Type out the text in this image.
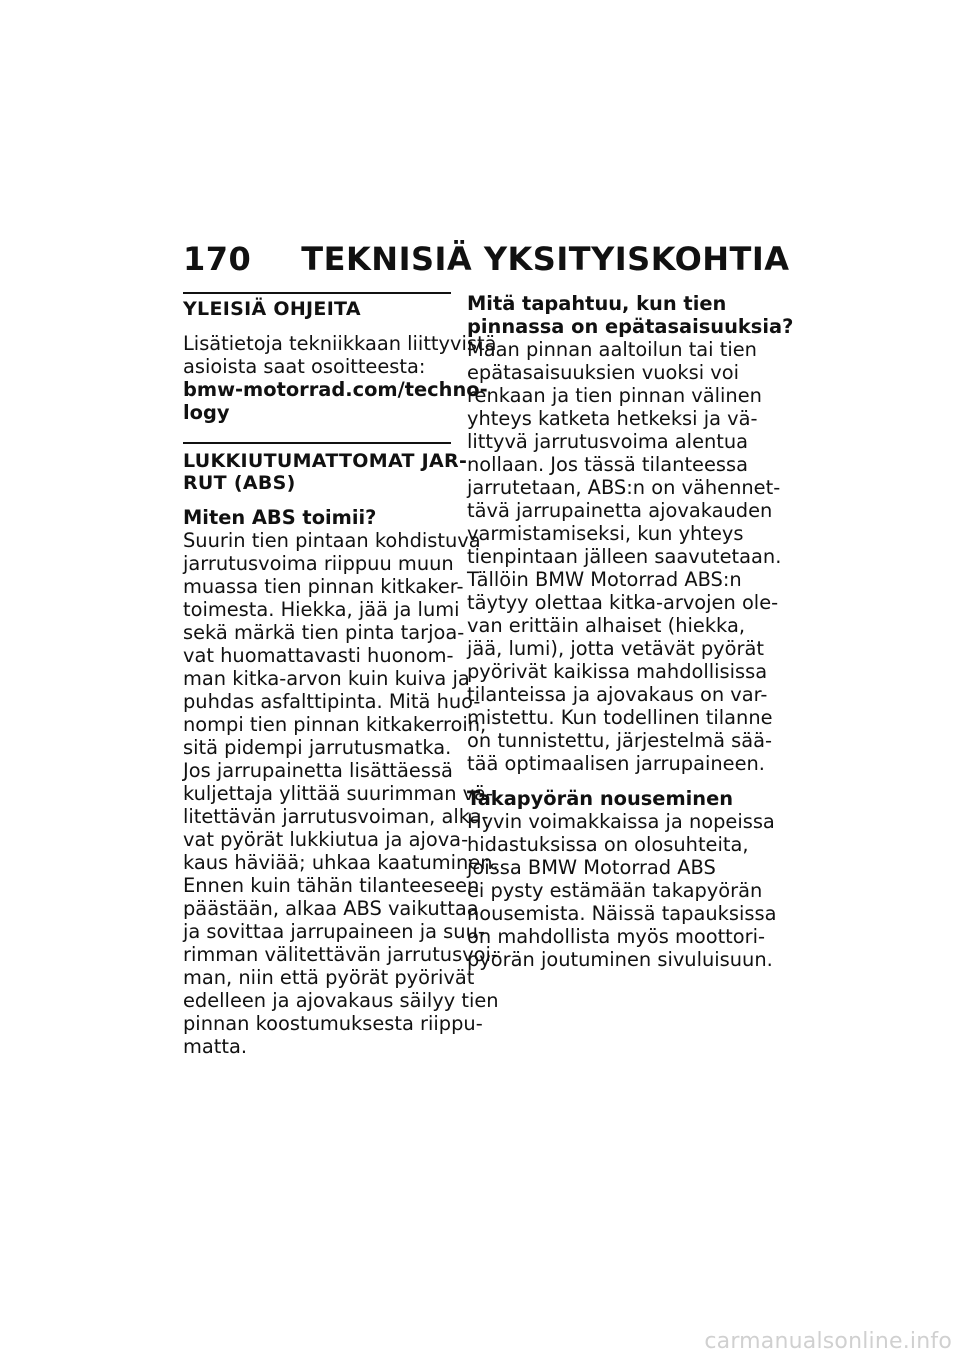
170 TEKNISIÄ YKSITYISKOHTIA
YLEISIÄ OHJEITA
Lisätietoja tekniikkaan liittyvistä
asioista saat osoitteesta:
bmw-motorrad.com/techno-
logy
LUKKIUTUMATTOMAT JAR-
RUT (ABS)
Miten ABS toimii?
Suurin tien pintaan kohdistuva
jarrutusvoima riippuu muun
muassa tien pinnan kitkaker-
toimesta. Hiekka, jää ja lumi
sekä märkä tien pinta tarjoa-
vat huomattavasti huonom-
man kitka-arvon kuin kuiva ja
puhdas asfalttipinta. Mitä huo-
nompi tien pinnan kitkakerroin,
sitä pidempi jarrutusmatka.
Jos jarrupainetta lisättäessä
kuljettaja ylittää suurimman vä-
litettävän jarrutusvoiman, alka-
vat pyörät lukkiutua ja ajova-
kaus häviää; uhkaa kaatuminen.
Ennen kuin tähän tilanteeseen
päästään, alkaa ABS vaikuttaa
ja sovittaa jarrupaineen ja suu-
rimman välitettävän jarrutusvoi-
man, niin että pyörät pyörivät
edelleen ja ajovakaus säilyy tien
pinnan koostumuksesta riippu-
matta.
Mitä tapahtuu, kun tien
pinnassa on epätasaisuuksia?
Maan pinnan aaltoilun tai tien
epätasaisuuksien vuoksi voi
renkaan ja tien pinnan välinen
yhteys katketa hetkeksi ja vä-
littyvä jarrutusvoima alentua
nollaan. Jos tässä tilanteessa
jarrutetaan, ABS:n on vähennet-
tävä jarrupainetta ajovakauden
varmistamiseksi, kun yhteys
tienpintaan jälleen saavutetaan.
Tällöin BMW Motorrad ABS:n
täytyy olettaa kitka-arvojen ole-
van erittäin alhaiset (hiekka,
jää, lumi), jotta vetävät pyörät
pyörivät kaikissa mahdollisissa
tilanteissa ja ajovakaus on var-
mistettu. Kun todellinen tilanne
on tunnistettu, järjestelmä sää-
tää optimaalisen jarrupaineen.
Takapyörän nouseminen
Hyvin voimakkaissa ja nopeissa
hidastuksissa on olosuhteita,
joissa BMW Motorrad ABS
ei pysty estämään takapyörän
nousemista. Näissä tapauksissa
on mahdollista myös moottori-
pyörän joutuminen sivuluisuun.
carmanualsonline.info
